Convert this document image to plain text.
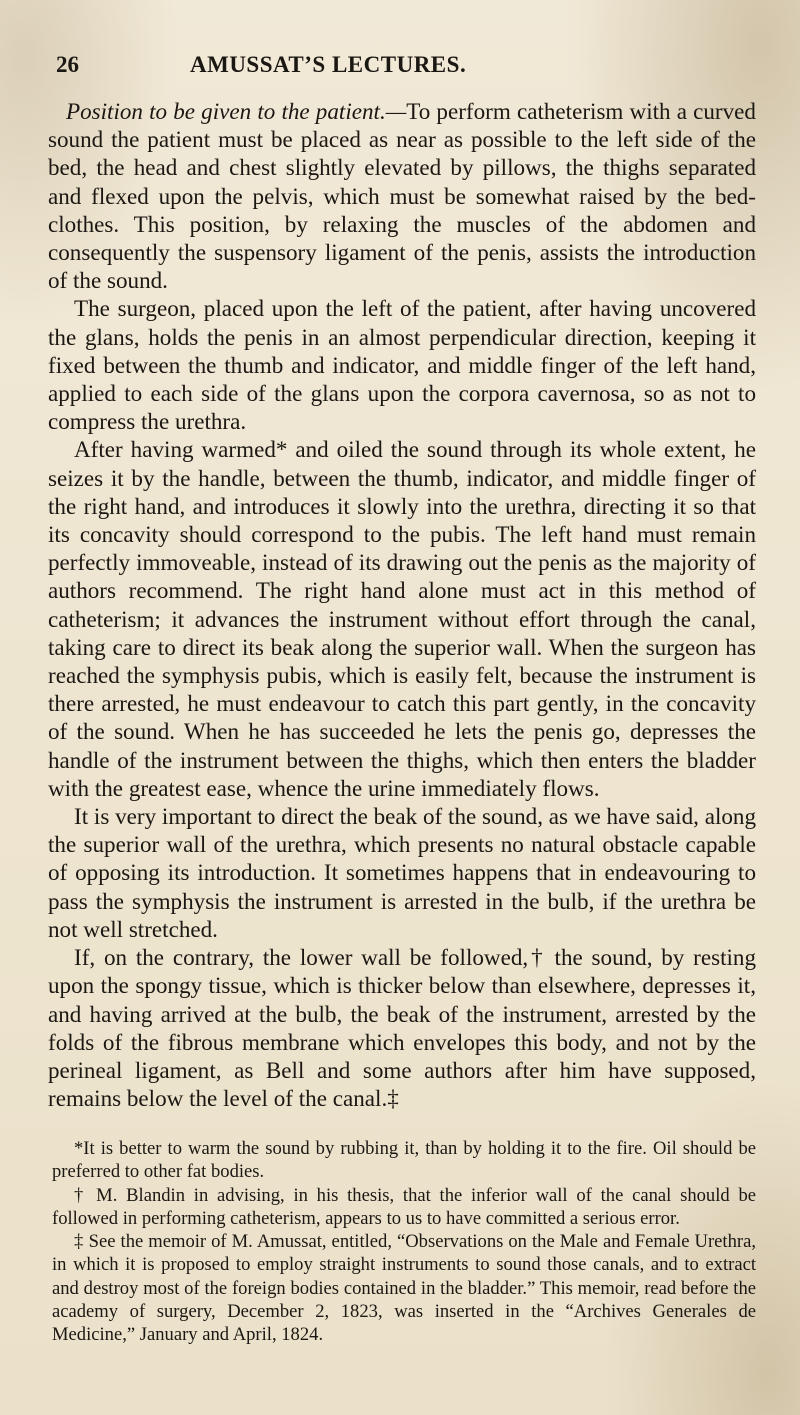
26	AMUSSAT’S LECTURES.

Position to be given to the patient.—To perform catheterism with a curved sound the patient must be placed as near as possible to the left side of the bed, the head and chest slightly elevated by pillows, the thighs separated and flexed upon the pelvis, which must be somewhat raised by the bed-clothes. This position, by relaxing the muscles of the abdomen and consequently the suspensory ligament of the penis, assists the introduction of the sound.

The surgeon, placed upon the left of the patient, after having uncovered the glans, holds the penis in an almost perpendicular direction, keeping it fixed between the thumb and indicator, and middle finger of the left hand, applied to each side of the glans upon the corpora cavernosa, so as not to compress the urethra.

After having warmed* and oiled the sound through its whole extent, he seizes it by the handle, between the thumb, indicator, and middle finger of the right hand, and introduces it slowly into the urethra, directing it so that its concavity should correspond to the pubis. The left hand must remain perfectly immoveable, instead of its drawing out the penis as the majority of authors recommend. The right hand alone must act in this method of catheterism; it advances the instrument without effort through the canal, taking care to direct its beak along the superior wall. When the surgeon has reached the symphysis pubis, which is easily felt, because the instrument is there arrested, he must endeavour to catch this part gently, in the concavity of the sound. When he has succeeded he lets the penis go, depresses the handle of the instrument between the thighs, which then enters the bladder with the greatest ease, whence the urine immediately flows.

It is very important to direct the beak of the sound, as we have said, along the superior wall of the urethra, which presents no natural obstacle capable of opposing its introduction. It sometimes happens that in endeavouring to pass the symphysis the instrument is arrested in the bulb, if the urethra be not well stretched.

If, on the contrary, the lower wall be followed,† the sound, by resting upon the spongy tissue, which is thicker below than elsewhere, depresses it, and having arrived at the bulb, the beak of the instrument, arrested by the folds of the fibrous membrane which envelopes this body, and not by the perineal ligament, as Bell and some authors after him have supposed, remains below the level of the canal.‡

*It is better to warm the sound by rubbing it, than by holding it to the fire. Oil should be preferred to other fat bodies.

† M. Blandin in advising, in his thesis, that the inferior wall of the canal should be followed in performing catheterism, appears to us to have committed a serious error.

‡ See the memoir of M. Amussat, entitled, “Observations on the Male and Female Urethra, in which it is proposed to employ straight instruments to sound those canals, and to extract and destroy most of the foreign bodies contained in the bladder.” This memoir, read before the academy of surgery, December 2, 1823, was inserted in the “Archives Generales de Medicine,” January and April, 1824.
